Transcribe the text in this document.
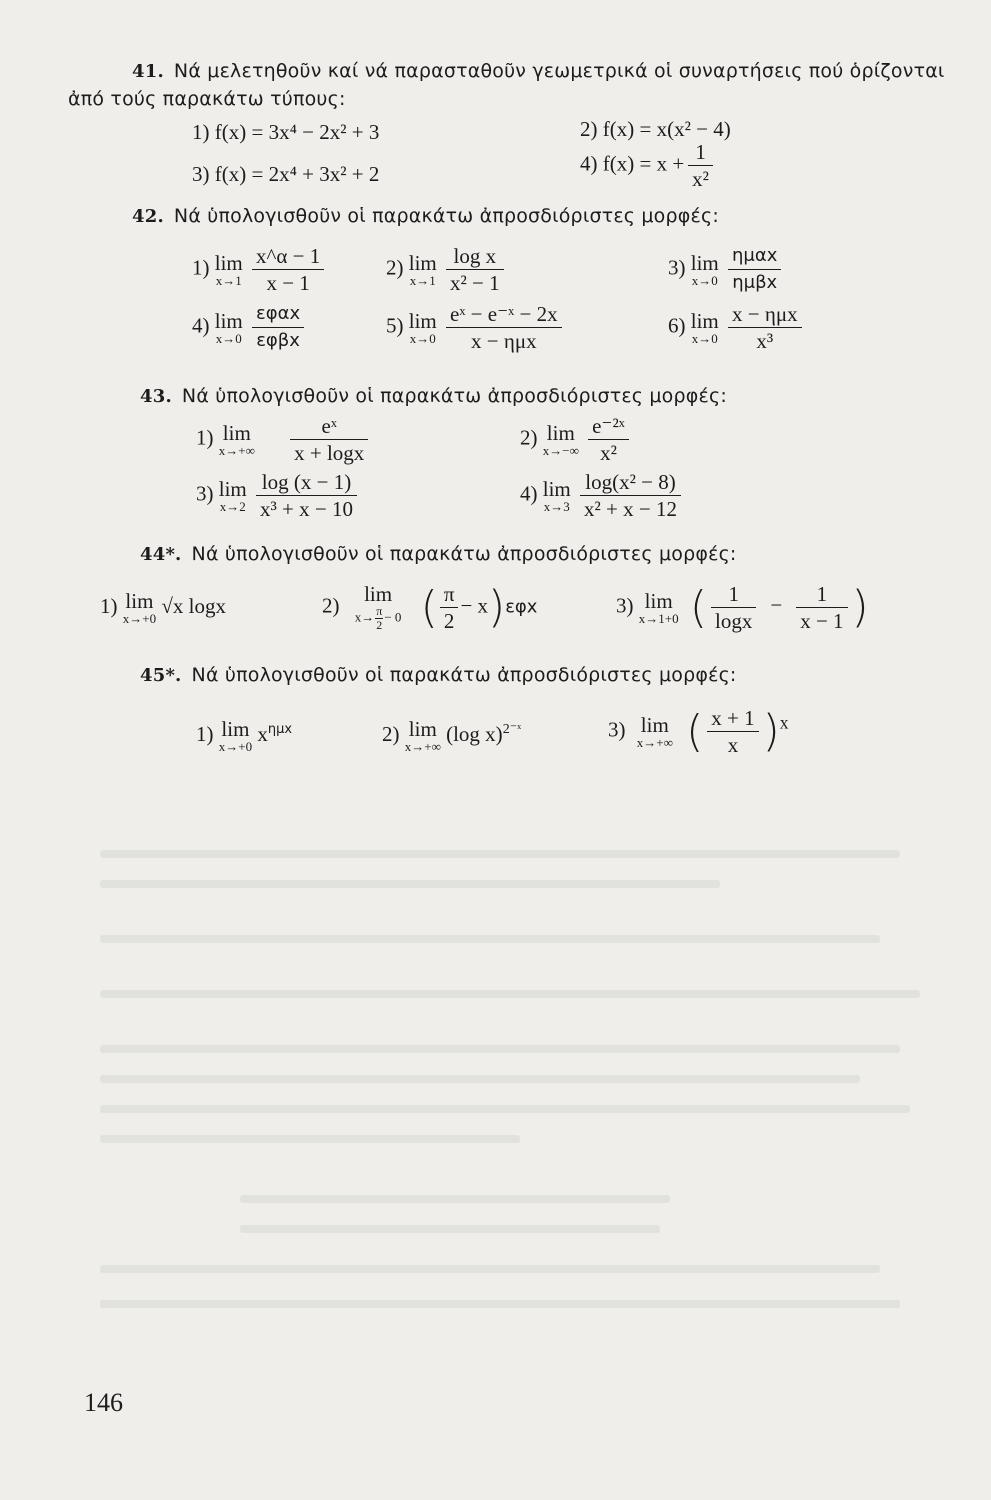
41. Νά μελετηθοῦν καί νά παρασταθοῦν γεωμετρικά οἱ συναρτήσεις πού ὁρίζονται
ἀπό τούς παρακάτω τύπους:
1) f(x) = 3x⁴ − 2x² + 3	2) f(x) = x(x² − 4)
3) f(x) = 2x⁴ + 3x² + 2	4) $f(x) = x + \frac{1}{\text{x²}}$
42. Νά ὑπολογισθοῦν οἱ παρακάτω ἀπροσδιόριστες μορφές:
1) lim
x→1
$\frac{x\^{}\alpha - 1}{x - 1}$	2) lim
x→1
$\frac{\text{log x}}{\text{x² − 1}}$	3) lim
x→0
$\frac{\text{ημαx}}{\text{ημβx}}$
4) lim
x→0
$\frac{\text{εφαx}}{\text{εφβx}}$	5) lim
x→0
$\frac{\text{eˣ − e⁻ˣ − 2x}}{\text{x − ημx}}$	6) lim
x→0
$\frac{\text{x − ημx}}{\text{x³}}$
43. Νά ὑπολογισθοῦν οἱ παρακάτω ἀπροσδιόριστες μορφές:
1) lim
x→+∞
$\frac{\text{eˣ}}{x + \log x}$	2) lim
x→−∞
$\frac{\text{e⁻²ˣ}}{\text{x²}}$
3) lim
x→2
$\frac{\log (x - 1)}{\text{x³ + x − 10}}$	4) lim
x→3
$\frac{\text{log(x² − 8)}}{\text{x² + x − 12}}$
44*. Νά ὑπολογισθοῦν οἱ παρακάτω ἀπροσδιόριστες μορφές:
1) lim
x→+0
√x logx	2)	lim
$x\to \frac{\pi}{2} - 0$ ( $\frac{\pi}{2} - x)\varepsilon\varphi x$	3) lim
x→1+0 ( $\frac{1}{\log x} - \frac{1}{x - 1}$ )
45*. Νά ὑπολογισθοῦν οἱ παρακάτω ἀπροσδιόριστες μορφές:
1) lim
x→+0
$x^{\eta\mu x}$	2) lim
x→+∞
(log x)$^{2^-ˣ}$	3) lim
x→+∞ ( $\frac{x + 1}{x} )^x$
146
